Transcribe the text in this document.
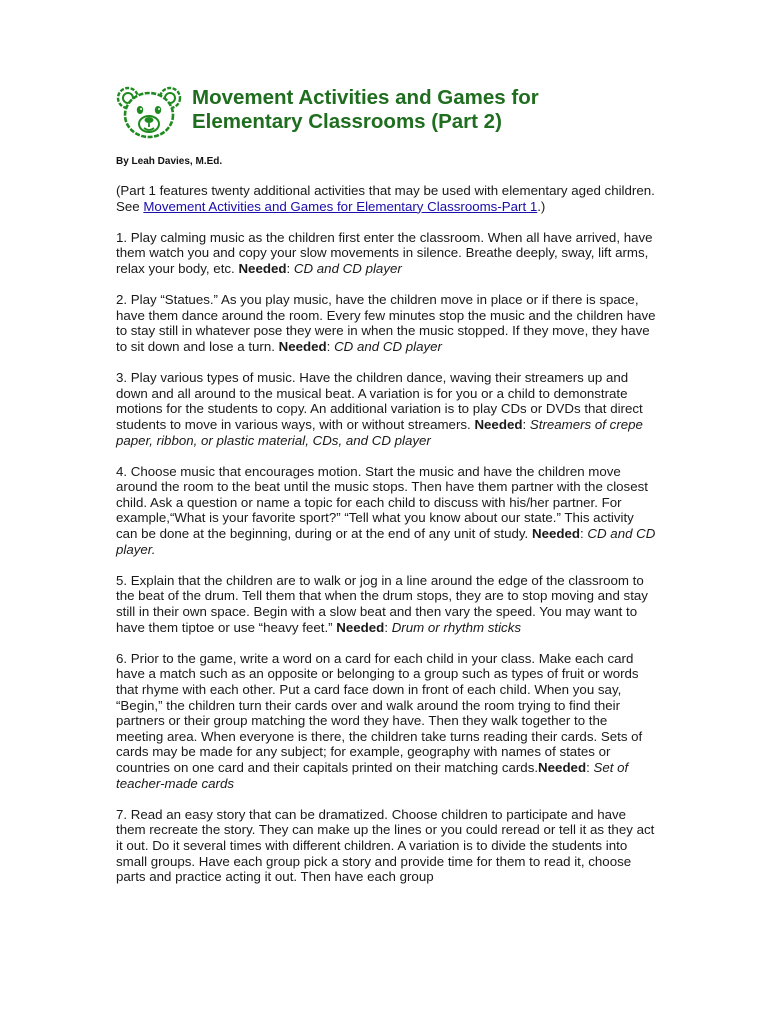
Movement Activities and Games for
Elementary Classrooms (Part 2)
By Leah Davies, M.Ed.

(Part 1 features twenty additional activities that may be used with elementary aged children. See Movement Activities and Games for Elementary Classrooms-Part 1.)

1. Play calming music as the children first enter the classroom. When all have arrived, have them watch you and copy your slow movements in silence. Breathe deeply, sway, lift arms, relax your body, etc. Needed: CD and CD player

2. Play “Statues.” As you play music, have the children move in place or if there is space, have them dance around the room. Every few minutes stop the music and the children have to stay still in whatever pose they were in when the music stopped. If they move, they have to sit down and lose a turn. Needed: CD and CD player

3. Play various types of music. Have the children dance, waving their streamers up and down and all around to the musical beat. A variation is for you or a child to demonstrate motions for the students to copy. An additional variation is to play CDs or DVDs that direct students to move in various ways, with or without streamers. Needed: Streamers of crepe paper, ribbon, or plastic material, CDs, and CD player

4. Choose music that encourages motion. Start the music and have the children move around the room to the beat until the music stops. Then have them partner with the closest child. Ask a question or name a topic for each child to discuss with his/her partner. For example,“What is your favorite sport?” “Tell what you know about our state.” This activity can be done at the beginning, during or at the end of any unit of study. Needed: CD and CD player.

5. Explain that the children are to walk or jog in a line around the edge of the classroom to the beat of the drum. Tell them that when the drum stops, they are to stop moving and stay still in their own space. Begin with a slow beat and then vary the speed. You may want to have them tiptoe or use “heavy feet.” Needed: Drum or rhythm sticks

6. Prior to the game, write a word on a card for each child in your class. Make each card have a match such as an opposite or belonging to a group such as types of fruit or words that rhyme with each other. Put a card face down in front of each child. When you say, “Begin,” the children turn their cards over and walk around the room trying to find their partners or their group matching the word they have. Then they walk together to the meeting area. When everyone is there, the children take turns reading their cards. Sets of cards may be made for any subject; for example, geography with names of states or countries on one card and their capitals printed on their matching cards.Needed: Set of teacher-made cards

7. Read an easy story that can be dramatized. Choose children to participate and have them recreate the story. They can make up the lines or you could reread or tell it as they act it out. Do it several times with different children. A variation is to divide the students into small groups. Have each group pick a story and provide time for them to read it, choose parts and practice acting it out. Then have each group
